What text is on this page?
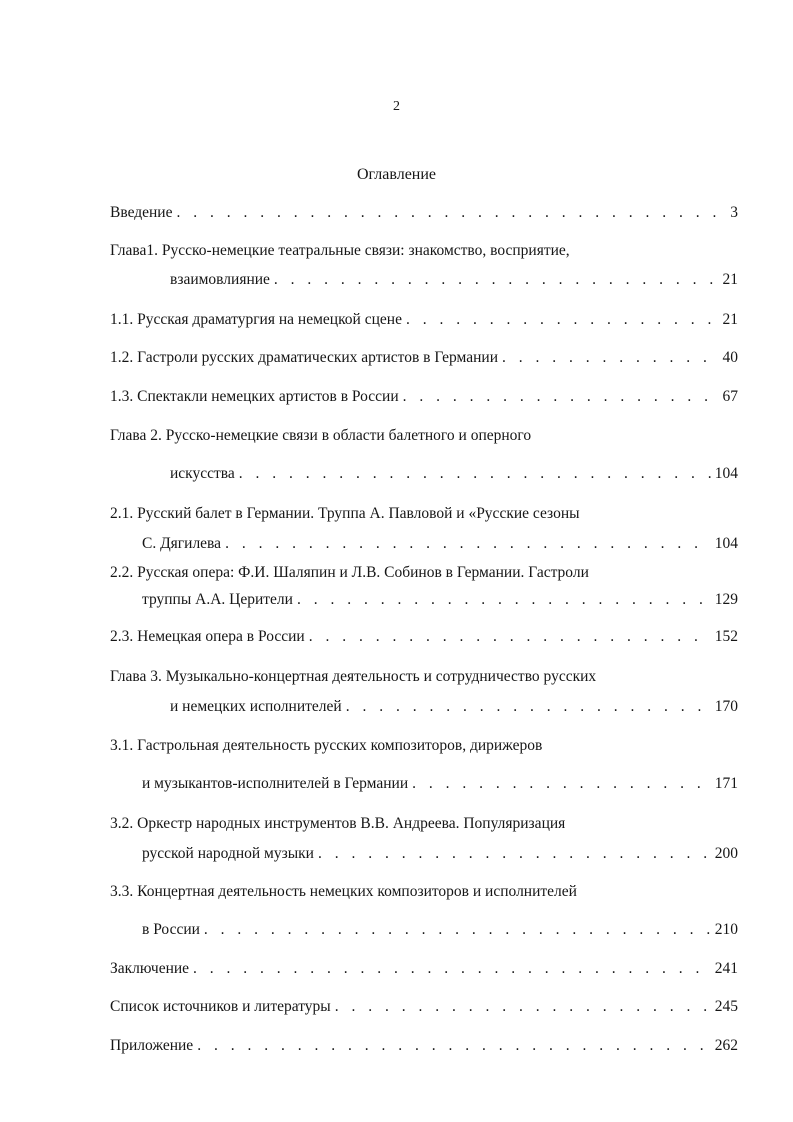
2
Оглавление
Введение . . .	3
Глава1. Русско-немецкие театральные связи: знакомство, восприятие,
взаимовлияние . . .	21
1.1. Русская драматургия на немецкой сцене . . .	21
1.2. Гастроли русских драматических артистов в Германии . . .	40
1.3. Спектакли немецких артистов в России . . .	67
Глава 2. Русско-немецкие связи в области балетного и оперного
искусства . . .	104
2.1. Русский балет в Германии. Труппа А. Павловой и «Русские сезоны
С. Дягилева . . .	104
2.2. Русская опера: Ф.И. Шаляпин и Л.В. Собинов в Германии. Гастроли
труппы А.А. Церители . . .	129
2.3. Немецкая опера в России . . .	152
Глава 3. Музыкально-концертная деятельность и сотрудничество русских
и немецких исполнителей . . .	170
3.1. Гастрольная деятельность русских композиторов, дирижеров
и музыкантов-исполнителей в Германии . . .	171
3.2. Оркестр народных инструментов В.В. Андреева. Популяризация
русской народной музыки . . .	200
3.3. Концертная деятельность немецких композиторов и исполнителей
в России . . .	210
Заключение . . .	241
Список источников и литературы . . .	245
Приложение . . .	262
